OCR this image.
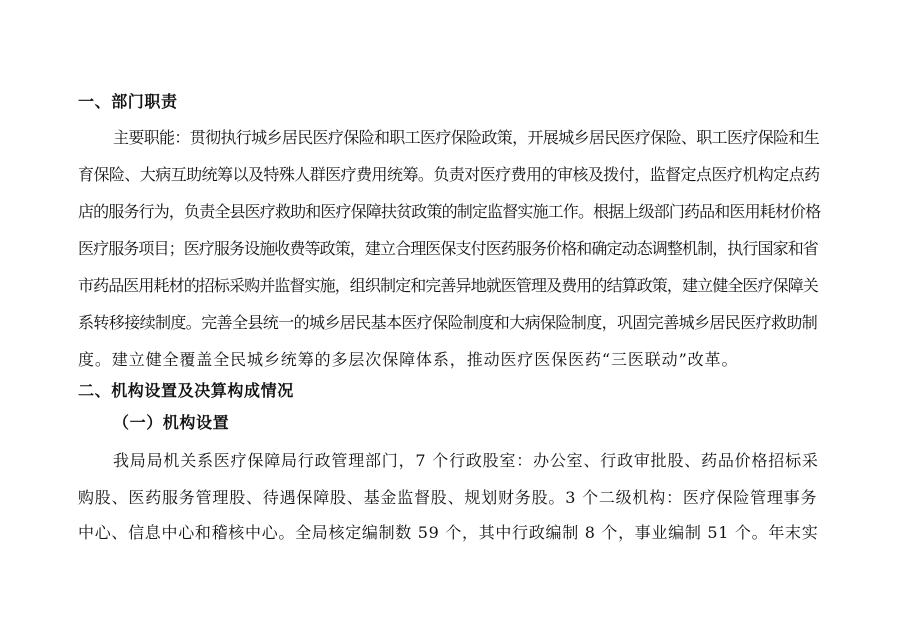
一、部门职责
主要职能：贯彻执行城乡居民医疗保险和职工医疗保险政策，开展城乡居民医疗保险、职工医疗保险和生
育保险、大病互助统筹以及特殊人群医疗费用统筹。负责对医疗费用的审核及拨付，监督定点医疗机构定点药
店的服务行为，负责全县医疗救助和医疗保障扶贫政策的制定监督实施工作。根据上级部门药品和医用耗材价格
医疗服务项目；医疗服务设施收费等政策，建立合理医保支付医药服务价格和确定动态调整机制，执行国家和省
市药品医用耗材的招标采购并监督实施，组织制定和完善异地就医管理及费用的结算政策，建立健全医疗保障关
系转移接续制度。完善全县统一的城乡居民基本医疗保险制度和大病保险制度，巩固完善城乡居民医疗救助制
度。建立健全覆盖全民城乡统筹的多层次保障体系，推动医疗医保医药“三医联动”改革。
二、机构设置及决算构成情况
（一）机构设置
我局局机关系医疗保障局行政管理部门，7 个行政股室：办公室、行政审批股、药品价格招标采
购股、医药服务管理股、待遇保障股、基金监督股、规划财务股。3 个二级机构：医疗保险管理事务
中心、信息中心和稽核中心。全局核定编制数 59 个，其中行政编制 8 个，事业编制 51 个。年末实
